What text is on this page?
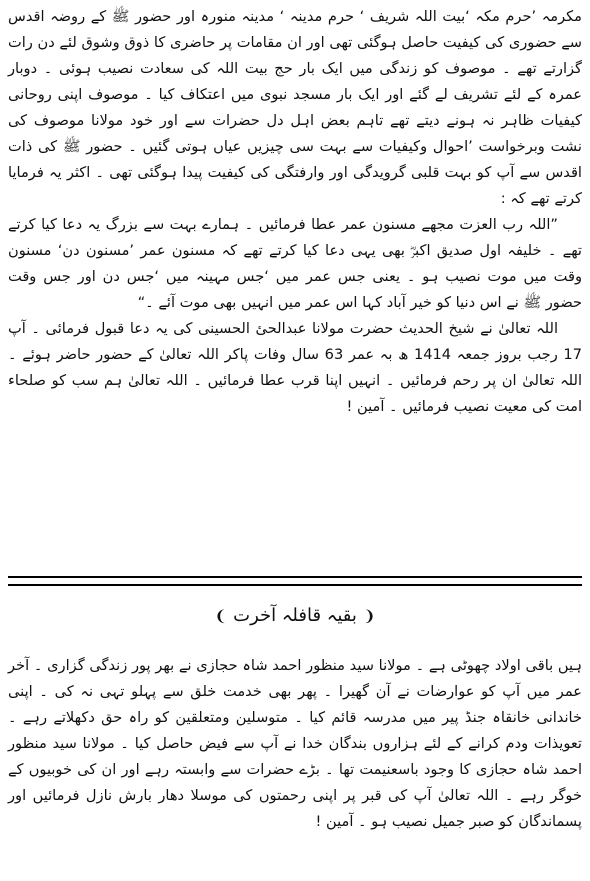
مکرمہ ’حرم مکہ ‘بیت اللہ شریف ‘ حرم مدینہ ‘ مدینہ منورہ اور حضور ﷺ کے روضہ اقدس سے حضوری کی کیفیت حاصل ہوگئی تھی اور ان مقامات پر حاضری کا ذوق وشوق لئے دن رات گزارتے تھے ۔ موصوف کو زندگی میں ایک بار حج بیت اللہ کی سعادت نصیب ہوئی ۔ دوبار عمرہ کے لئے تشریف لے گئے اور ایک بار مسجد نبوی میں اعتکاف کیا ۔ موصوف اپنی روحانی کیفیات ظاہر نہ ہونے دیتے تھے تاہم بعض اہل دل حضرات سے اور خود مولانا موصوف کی نشت وبرخواست ’احوال وکیفیات سے بہت سی چیزیں عیاں ہوتی گئیں ۔ حضور ﷺ کی ذات اقدس سے آپ کو بہت قلبی گرویدگی اور وارفتگی کی کیفیت پیدا ہوگئی تھی ۔ اکثر یہ فرمایا کرتے تھے کہ :

”اللہ رب العزت مجھے مسنون عمر عطا فرمائیں ۔ ہمارے بہت سے بزرگ یہ دعا کیا کرتے تھے ۔ خلیفہ اول صدیق اکبرؓ بھی یہی دعا کیا کرتے تھے کہ مسنون عمر ’مسنون دن‘ مسنون وقت میں موت نصیب ہو ۔ یعنی جس عمر میں ‘جس مہینہ میں ‘جس دن اور جس وقت حضور ﷺ نے اس دنیا کو خیر آباد کہا اس عمر میں انہیں بھی موت آئے ۔“

اللہ تعالیٰ نے شیخ الحدیث حضرت مولانا عبدالحیٔ الحسینی کی یہ دعا قبول فرمائی ۔ آپ 17 رجب بروز جمعہ 1414 ھ بہ عمر 63 سال وفات پاکر اللہ تعالیٰ کے حضور حاضر ہوئے ۔ اللہ تعالیٰ ان پر رحم فرمائیں ۔ انہیں اپنا قرب عطا فرمائیں ۔ اللہ تعالیٰ ہم سب کو صلحاء امت کی معیت نصیب فرمائیں ۔ آمین !

❨بقیہ قافلہ آخرت❩

ہیں باقی اولاد چھوٹی ہے ۔ مولانا سید منظور احمد شاہ حجازی نے بھر پور زندگی گزاری ۔ آخر عمر میں آپ کو عوارضات نے آن گھیرا ۔ پھر بھی خدمت خلق سے پہلو تہی نہ کی ۔ اپنی خاندانی خانقاہ جنڈ پیر میں مدرسہ قائم کیا ۔ متوسلین ومتعلقین کو راہ حق دکھلاتے رہے ۔ تعویذات ودم کرانے کے لئے ہزاروں بندگان خدا نے آپ سے فیض حاصل کیا ۔ مولانا سید منظور احمد شاہ حجازی کا وجود باسعنیمت تھا ۔ بڑے حضرات سے وابستہ رہے اور ان کی خوبیوں کے خوگر رہے ۔ اللہ تعالیٰ آپ کی قبر پر اپنی رحمتوں کی موسلا دھار بارش نازل فرمائیں اور پسماندگان کو صبر جمیل نصیب ہو ۔ آمین !
